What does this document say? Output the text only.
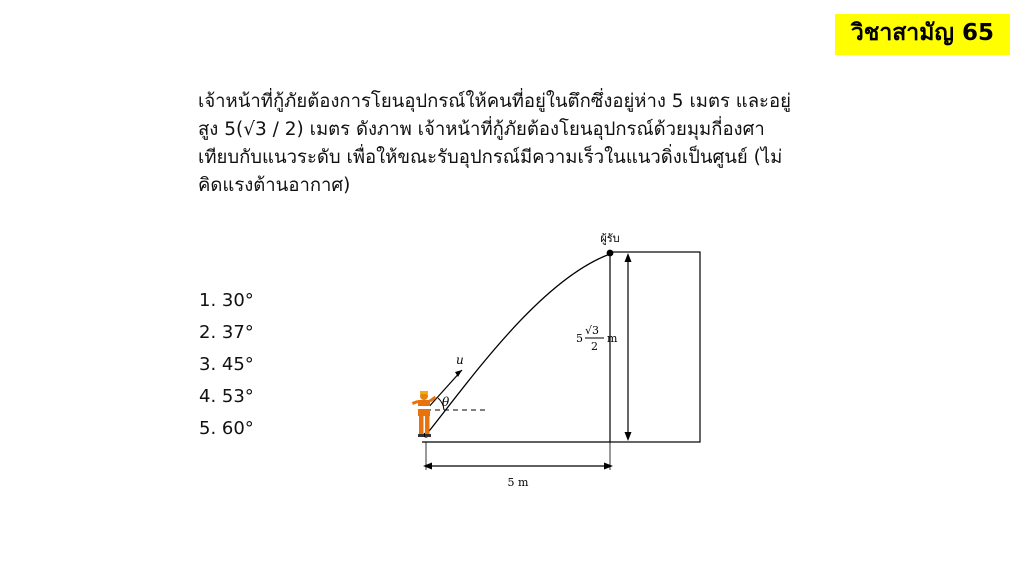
วิชาสามัญ 65
เจ้าหน้าที่กู้ภัยต้องการโยนอุปกรณ์ให้คนที่อยู่ในตึกซึ่งอยู่ห่าง 5 เมตร และอยู่สูง 5(√3 / 2) เมตร ดังภาพ เจ้าหน้าที่กู้ภัยต้องโยนอุปกรณ์ด้วยมุมกี่องศาเทียบกับแนวระดับ เพื่อให้ขณะรับอุปกรณ์มีความเร็วในแนวดิ่งเป็นศูนย์ (ไม่คิดแรงต้านอากาศ)
1. 30°
2. 37°
3. 45°
4. 53°
5. 60°
u
θ
ผู้รับ
5
√3
2
m
5 m
